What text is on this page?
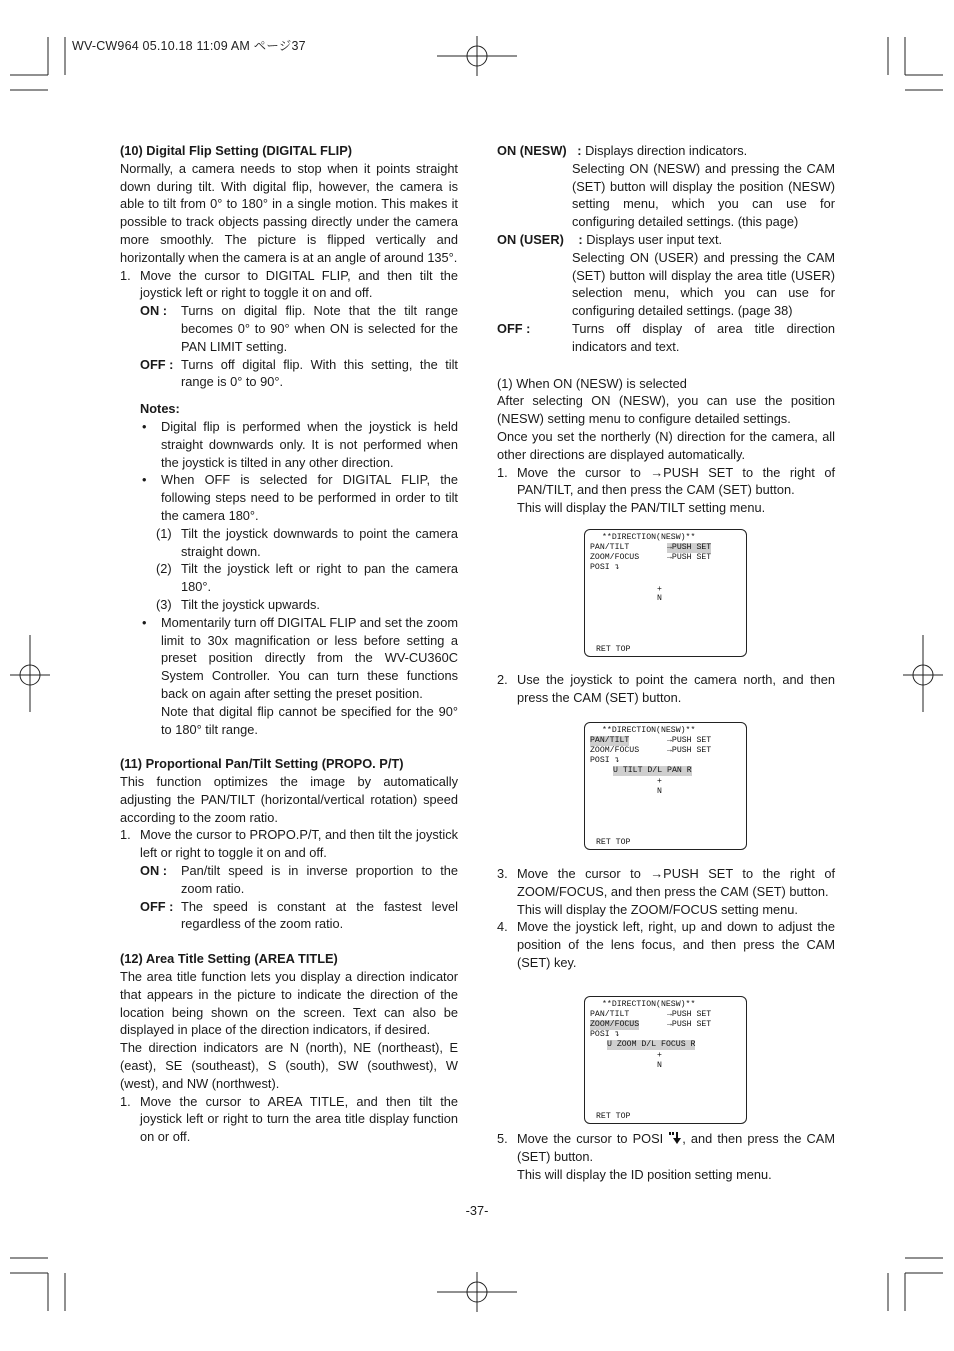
WV-CW964 05.10.18 11:09 AM ページ37

(10) Digital Flip Setting (DIGITAL FLIP)

Normally, a camera needs to stop when it points straight down during tilt. With digital flip, however, the camera is able to tilt from 0° to 180° in a single motion. This makes it possible to track objects passing directly under the camera more smoothly. The picture is flipped vertically and horizontally when the camera is at an angle of around 135°.

1. Move the cursor to DIGITAL FLIP, and then tilt the joystick left or right to toggle it on and off.
ON :	Turns on digital flip. Note that the tilt range becomes 0° to 90° when ON is selected for the PAN LIMIT setting.
OFF : Turns off digital flip. With this setting, the tilt range is 0° to 90°.
Notes:
•	Digital flip is performed when the joystick is held straight downwards only. It is not performed when the joystick is tilted in any other direction.
•	When OFF is selected for DIGITAL FLIP, the following steps need to be performed in order to tilt the camera 180°.
(1) Tilt the joystick downwards to point the camera straight down.
(2) Tilt the joystick left or right to pan the camera 180°.
(3) Tilt the joystick upwards.
•	Momentarily turn off DIGITAL FLIP and set the zoom limit to 30x magnification or less before setting a preset position directly from the WV-CU360C System Controller. You can turn these functions back on again after setting the preset position.
Note that digital flip cannot be specified for the 90° to 180° tilt range.

(11) Proportional Pan/Tilt Setting (PROPO. P/T)

This function optimizes the image by automatically adjusting the PAN/TILT (horizontal/vertical rotation) speed according to the zoom ratio.

1. Move the cursor to PROPO.P/T, and then tilt the joystick left or right to toggle it on and off.
ON :	Pan/tilt speed is in inverse proportion to the zoom ratio.
OFF : The speed is constant at the fastest level regardless of the zoom ratio.

(12) Area Title Setting (AREA TITLE)

The area title function lets you display a direction indicator that appears in the picture to indicate the direction of the location being shown on the screen. Text can also be displayed in place of the direction indicators, if desired.

The direction indicators are N (north), NE (northeast), E (east), SE (southeast), S (south), SW (southwest), W (west), and NW (northwest).

1. Move the cursor to AREA TITLE, and then tilt the joystick left or right to turn the area title display function on or off.
ON (NESW) : Displays direction indicators.
Selecting ON (NESW) and pressing the CAM (SET) button will display the position (NESW) setting menu, which you can use for configuring detailed settings. (this page)
ON (USER) : Displays user input text.
Selecting ON (USER) and pressing the CAM (SET) button will display the area title (USER) selection menu, which you can use for configuring detailed settings. (page 38)
OFF :	Turns off display of area title direction indicators and text.

(1) When ON (NESW) is selected

After selecting ON (NESW), you can use the position (NESW) setting menu to configure detailed settings.

Once you set the northerly (N) direction for the camera, all other directions are displayed automatically.

1. Move the cursor to →PUSH SET to the right of PAN/TILT, and then press the CAM (SET) button.
This will display the PAN/TILT setting menu.
2. Use the joystick to point the camera north, and then press the CAM (SET) button.
3. Move the cursor to →PUSH SET to the right of ZOOM/FOCUS, and then press the CAM (SET) button.
This will display the ZOOM/FOCUS setting menu.
4. Move the joystick left, right, up and down to adjust the position of the lens focus, and then press the CAM (SET) key.
5. Move the cursor to POSI , and then press the CAM (SET) button.
This will display the ID position setting menu.
**DIRECTION(NESW)**
PAN/TILT	→PUSH SET
ZOOM/FOCUS	→PUSH SET
POSI ↴
+
N
RET TOP
**DIRECTION(NESW)**
PAN/TILT	→PUSH SET
ZOOM/FOCUS	→PUSH SET
POSI ↴
U TILT D/L PAN R
+
N
RET TOP
**DIRECTION(NESW)**
PAN/TILT	→PUSH SET
ZOOM/FOCUS	→PUSH SET
POSI ↴
U ZOOM D/L FOCUS R
+
N
RET TOP
-37-
